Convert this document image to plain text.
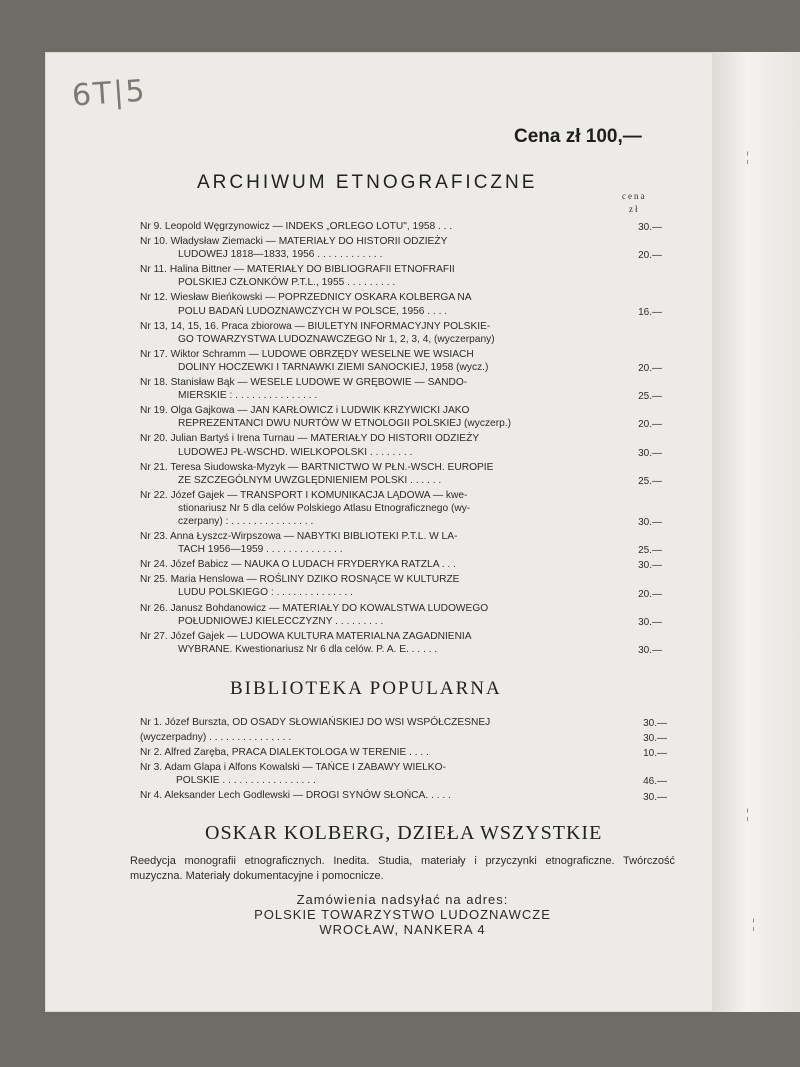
¦
¦
¦
6Т|5
Cena zł 100,—
ARCHIWUM ETNOGRAFICZNE
cena
zł
Nr 9. Leopold Węgrzynowicz — INDEKS „ORLEGO LOTU", 1958 . . .	30.—
Nr 10. Władysław Ziemacki — MATERIAŁY DO HISTORII ODZIEŻY
LUDOWEJ 1818—1833, 1956 . . . . . . . . . . . .	20.—
Nr 11. Halina Bittner — MATERIAŁY DO BIBLIOGRAFII ETNOFRAFII
POLSKIEJ CZŁONKÓW P.T.L., 1955 . . . . . . . . .
Nr 12. Wiesław Bieńkowski — POPRZEDNICY OSKARA KOLBERGA NA
POLU BADAŃ LUDOZNAWCZYCH W POLSCE, 1956 . . . .	16.—
Nr 13, 14, 15, 16. Praca zbiorowa — BIULETYN INFORMACYJNY POLSKIE-
GO TOWARZYSTWA LUDOZNAWCZEGO Nr 1, 2, 3, 4, (wyczerpany)
Nr 17. Wiktor Schramm — LUDOWE OBRZĘDY WESELNE WE WSIACH
DOLINY HOCZEWKI I TARNAWKI ZIEMI SANOCKIEJ, 1958 (wycz.)	20.—
Nr 18. Stanisław Bąk — WESELE LUDOWE W GRĘBOWIE — SANDO-
MIERSKIE : . . . . . . . . . . . . . . .	25.—
Nr 19. Olga Gajkowa — JAN KARŁOWICZ i LUDWIK KRZYWICKI JAKO
REPREZENTANCI DWU NURTÓW W ETNOLOGII POLSKIEJ (wyczerp.)	20.—
Nr 20. Julian Bartyś i Irena Turnau — MATERIAŁY DO HISTORII ODZIEŻY
LUDOWEJ PŁ-WSCHD. WIELKOPOLSKI . . . . . . . .	30.—
Nr 21. Teresa Siudowska-Myzyk — BARTNICTWO W PŁN.-WSCH. EUROPIE
ZE SZCZEGÓLNYM UWZGLĘDNIENIEM POLSKI . . . . . .	25.—
Nr 22. Józef Gajek — TRANSPORT I KOMUNIKACJA LĄDOWA — kwe-
stionariusz Nr 5 dla celów Polskiego Atlasu Etnograficznego (wy-
czerpany) : . . . . . . . . . . . . . . .	30.—
Nr 23. Anna Łyszcz-Wirpszowa — NABYTKI BIBLIOTEKI P.T.L. W LA-
TACH 1956—1959 . . . . . . . . . . . . . .	25.—
Nr 24. Józef Babicz — NAUKA O LUDACH FRYDERYKA RATZLA . . .	30.—
Nr 25. Maria Henslowa — ROŚLINY DZIKO ROSNĄCE W KULTURZE
LUDU POLSKIEGO : . . . . . . . . . . . . . .	20.—
Nr 26. Janusz Bohdanowicz — MATERIAŁY DO KOWALSTWA LUDOWEGO
POŁUDNIOWEJ KIELECCZYZNY . . . . . . . . .	30.—
Nr 27. Józef Gajek — LUDOWA KULTURA MATERIALNA ZAGADNIENIA
WYBRANE. Kwestionariusz Nr 6 dla celów. P. A. E. . . . . .	30.—
BIBLIOTEKA POPULARNA
Nr 1. Józef Burszta, OD OSADY SŁOWIAŃSKIEJ DO WSI WSPÓŁCZESNEJ	30.—
(wyczerpadny) . . . . . . . . . . . . . . .	30.—
Nr 2. Alfred Zaręba, PRACA DIALEKTOLOGA W TERENIE . . . .	10.—
Nr 3. Adam Glapa i Alfons Kowalski — TAŃCE I ZABAWY WIELKO-
POLSKIE . . . . . . . . . . . . . . . . .	46.—
Nr 4. Aleksander Lech Godlewski — DROGI SYNÓW SŁOŃCA. . . . .	30.—
OSKAR KOLBERG, DZIEŁA WSZYSTKIE
Reedycja monografii etnograficznych. Inedita. Studia, materiały i przyczynki etnograficzne. Twórczość muzyczna. Materiały dokumentacyjne i pomocnicze.
Zamówienia nadsyłać na adres:
POLSKIE TOWARZYSTWO LUDOZNAWCZE
WROCŁAW, NANKERA 4
